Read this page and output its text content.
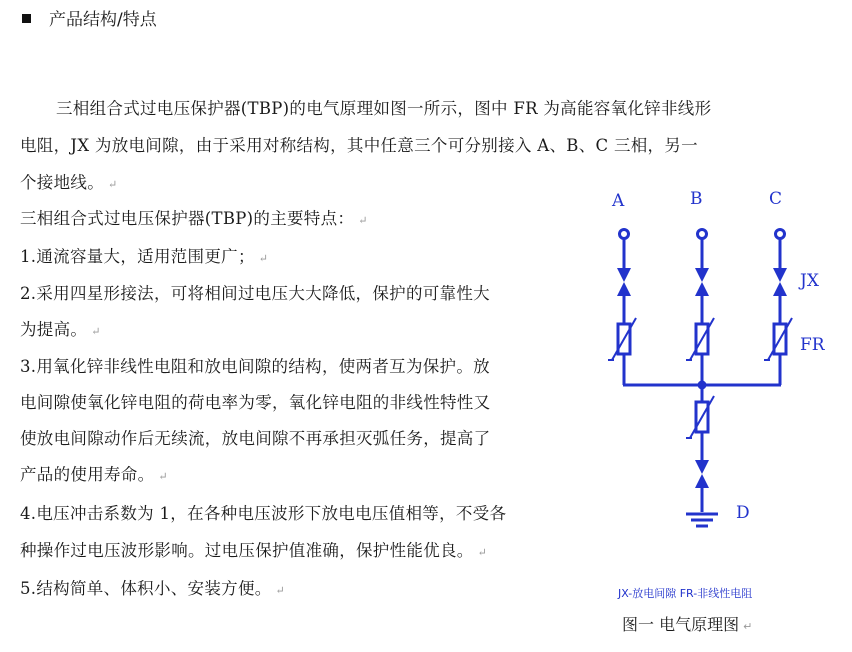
产品结构/特点
三相组合式过电压保护器(TBP)的电气原理如图一所示，图中 FR 为高能容氧化锌非线形
电阻，JX 为放电间隙，由于采用对称结构，其中任意三个可分别接入 A、B、C 三相，另一
个接地线。 ↵
三相组合式过电压保护器(TBP)的主要特点： ↵
1.通流容量大，适用范围更广； ↵
2.采用四星形接法，可将相间过电压大大降低，保护的可靠性大
为提高。 ↵
3.用氧化锌非线性电阻和放电间隙的结构，使两者互为保护。放
电间隙使氧化锌电阻的荷电率为零，氧化锌电阻的非线性特性又
使放电间隙动作后无续流，放电间隙不再承担灭弧任务，提高了
产品的使用寿命。 ↵
4.电压冲击系数为 1，在各种电压波形下放电电压值相等，不受各
种操作过电压波形影响。过电压保护值准确，保护性能优良。 ↵
5.结构简单、体积小、安装方便。 ↵
A	B	C
JX
FR
D
JX-放电间隙 FR-非线性电阻
图一 电气原理图 ↵
